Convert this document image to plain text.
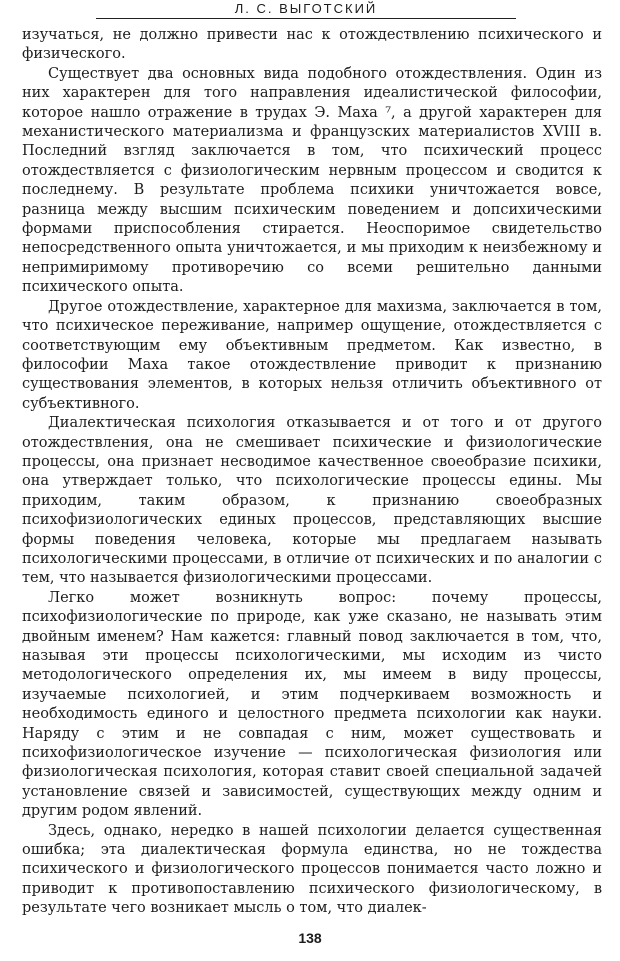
Л. С. ВЫГОТСКИЙ

изучаться, не должно привести нас к отождествлению психического и физического.

Существует два основных вида подобного отождествления. Один из них характерен для того направления идеалистической философии, которое нашло отражение в трудах Э. Маха ⁷, а другой характерен для механистического материализма и французских материалистов XVIII в. Последний взгляд заключается в том, что психический процесс отождествляется с физиологическим нервным процессом и сводится к последнему. В результате проблема психики уничтожается вовсе, разница между высшим психическим поведением и допсихическими формами приспособления стирается. Неоспоримое свидетельство непосредственного опыта уничтожается, и мы приходим к неизбежному и непримиримому противоречию со всеми решительно данными психического опыта.

Другое отождествление, характерное для махизма, заключается в том, что психическое переживание, например ощущение, отождествляется с соответствующим ему объективным предметом. Как известно, в философии Маха такое отождествление приводит к признанию существования элементов, в которых нельзя отличить объективного от субъективного.

Диалектическая психология отказывается и от того и от другого отождествления, она не смешивает психические и физиологические процессы, она признает несводимое качественное своеобразие психики, она утверждает только, что психологические процессы едины. Мы приходим, таким образом, к признанию своеобразных психофизиологических единых процессов, представляющих высшие формы поведения человека, которые мы предлагаем называть психологическими процессами, в отличие от психических и по аналогии с тем, что называется физиологическими процессами.

Легко может возникнуть вопрос: почему процессы, психофизиологические по природе, как уже сказано, не называть этим двойным именем? Нам кажется: главный повод заключается в том, что, называя эти процессы психологическими, мы исходим из чисто методологического определения их, мы имеем в виду процессы, изучаемые психологией, и этим подчеркиваем возможность и необходимость единого и целостного предмета психологии как науки. Наряду с этим и не совпадая с ним, может существовать и психофизиологическое изучение — психологическая физиология или физиологическая психология, которая ставит своей специальной задачей установление связей и зависимостей, существующих между одним и другим родом явлений.

Здесь, однако, нередко в нашей психологии делается существенная ошибка; эта диалектическая формула единства, но не тождества психического и физиологического процессов понимается часто ложно и приводит к противопоставлению психического физиологическому, в результате чего возникает мысль о том, что диалек-

138
